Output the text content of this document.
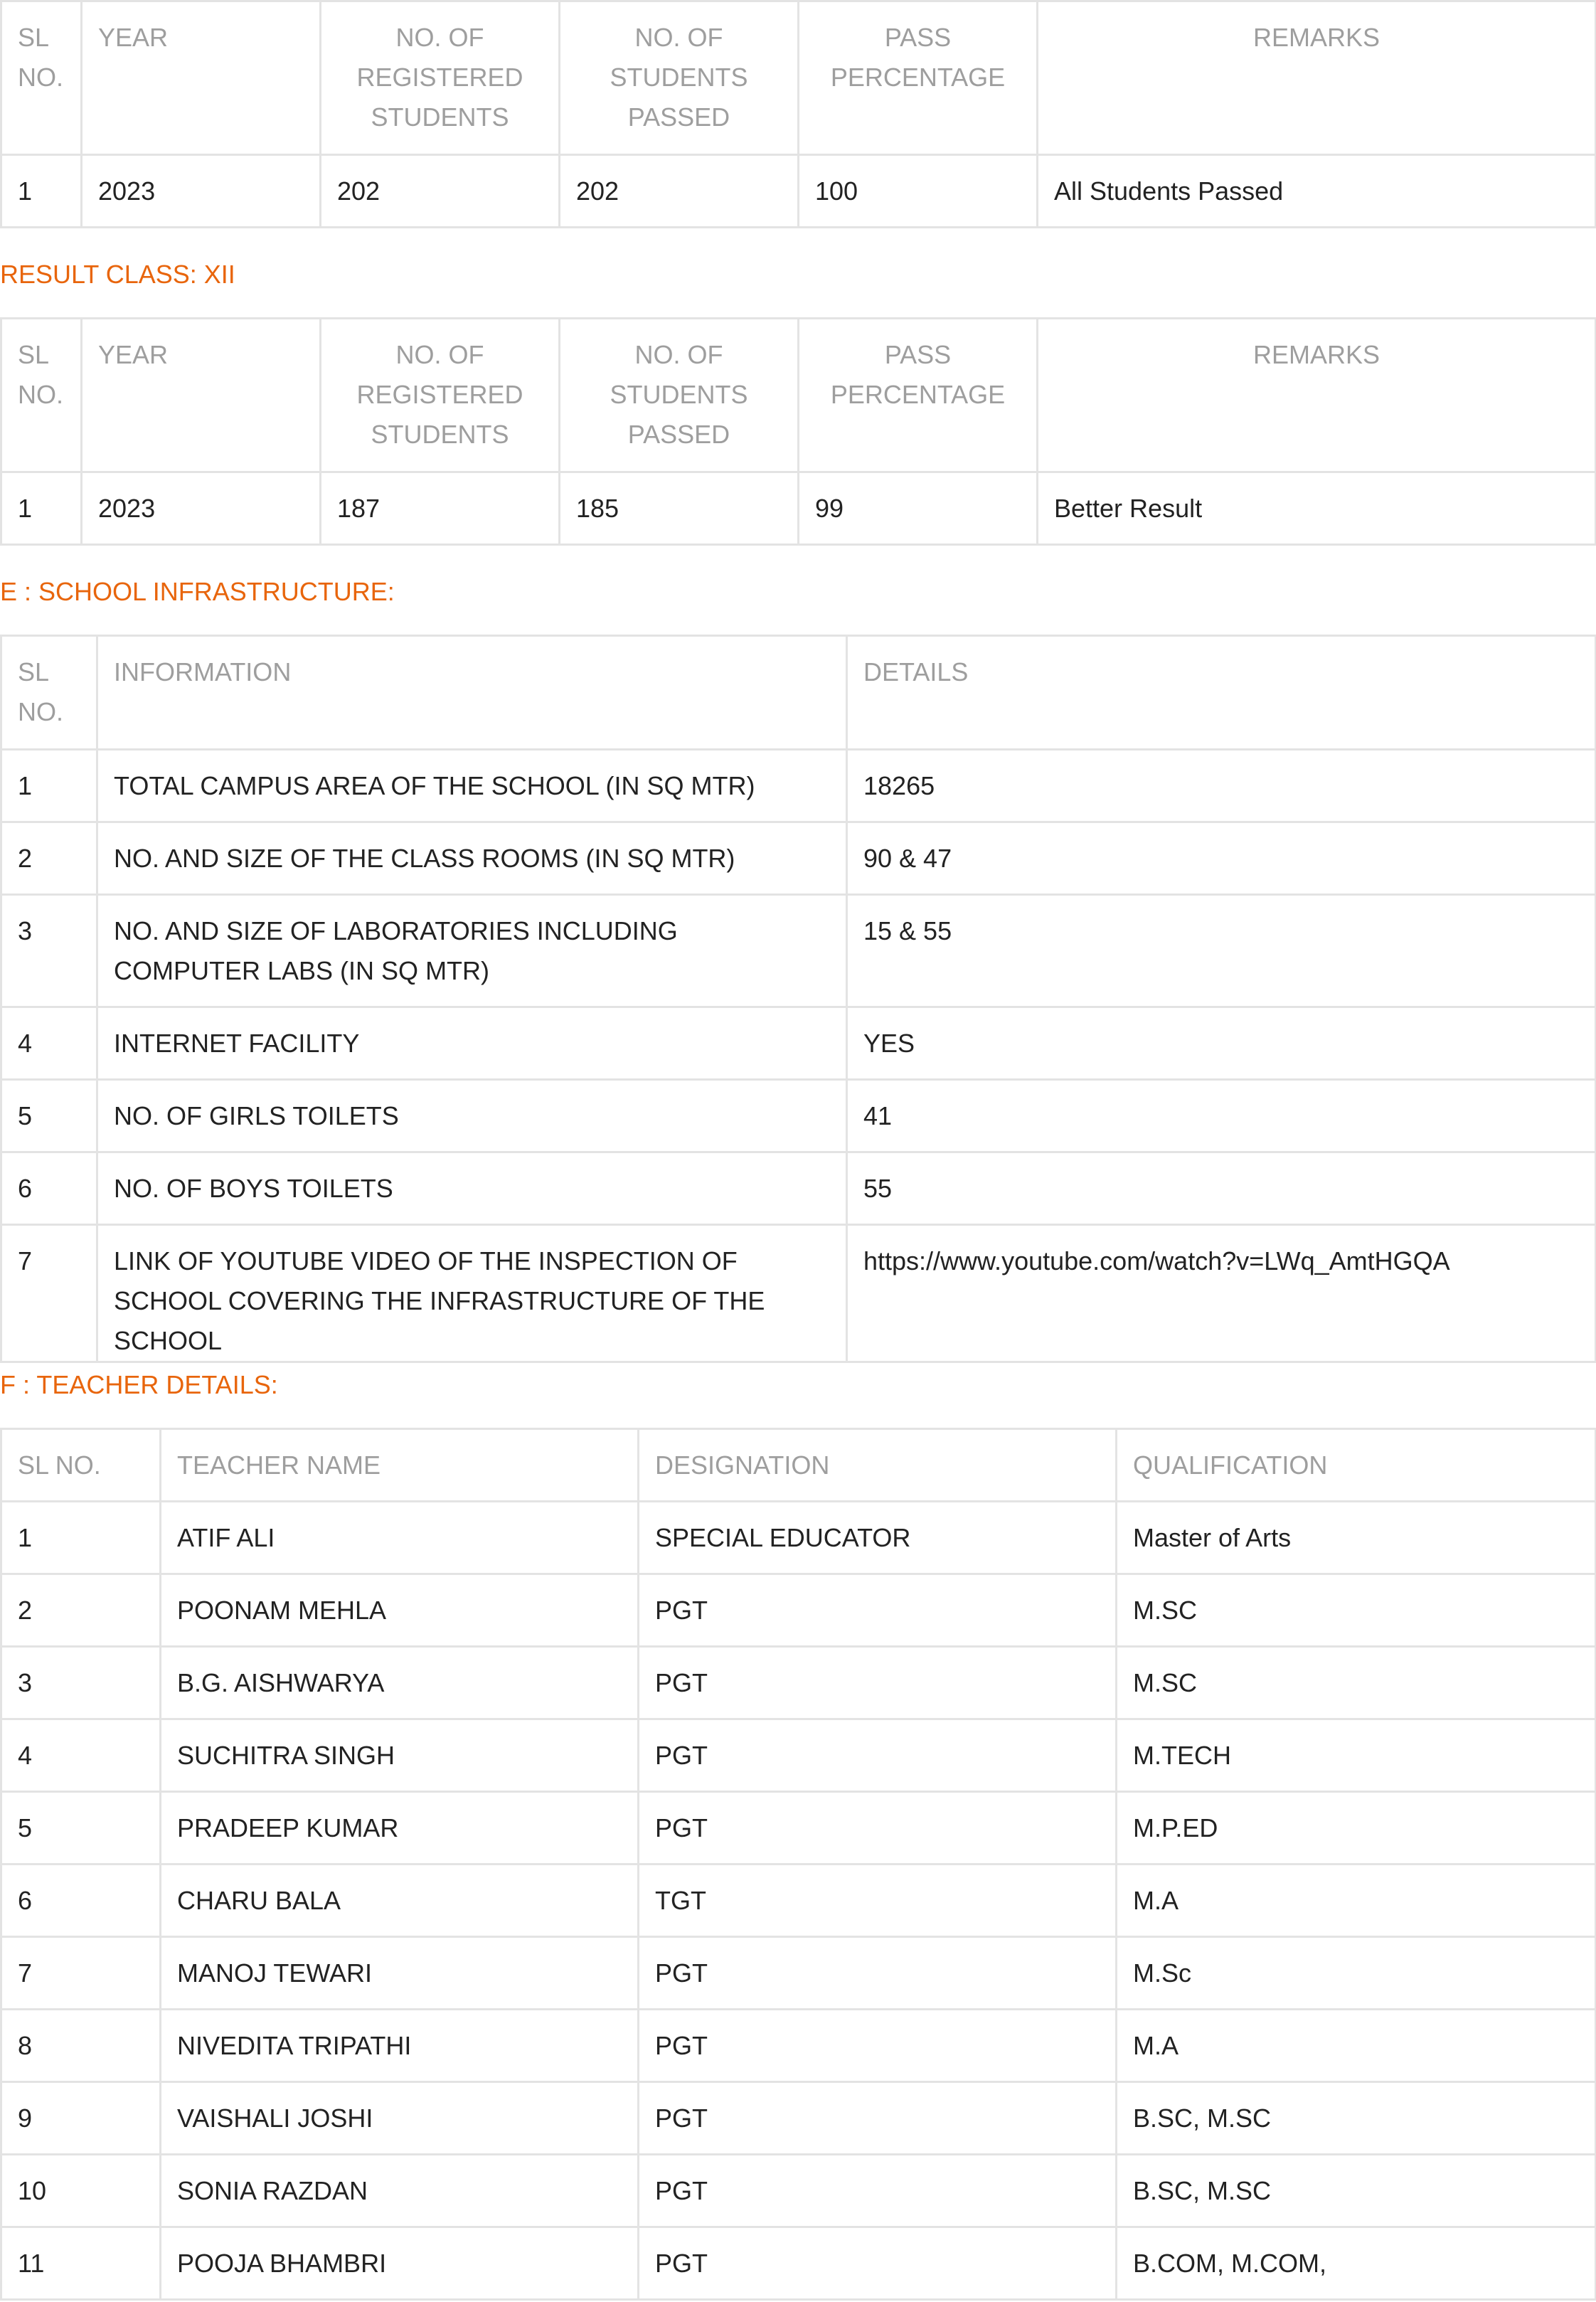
SL NO.	YEAR	NO. OF REGISTERED STUDENTS	NO. OF STUDENTS PASSED	PASS PERCENTAGE	REMARKS
1	2023	202	202	100	All Students Passed
RESULT CLASS: XII
SL NO.	YEAR	NO. OF REGISTERED STUDENTS	NO. OF STUDENTS PASSED	PASS PERCENTAGE	REMARKS
1	2023	187	185	99	Better Result
E : SCHOOL INFRASTRUCTURE:
SL NO.	INFORMATION	DETAILS
1	TOTAL CAMPUS AREA OF THE SCHOOL (IN SQ MTR)	18265
2	NO. AND SIZE OF THE CLASS ROOMS (IN SQ MTR)	90 & 47
3	NO. AND SIZE OF LABORATORIES INCLUDING COMPUTER LABS (IN SQ MTR)	15 & 55
4	INTERNET FACILITY	YES
5	NO. OF GIRLS TOILETS	41
6	NO. OF BOYS TOILETS	55
7	LINK OF YOUTUBE VIDEO OF THE INSPECTION OF SCHOOL COVERING THE INFRASTRUCTURE OF THE SCHOOL	https://www.youtube.com/watch?v=LWq_AmtHGQA
F : TEACHER DETAILS:
SL NO.	TEACHER NAME	DESIGNATION	QUALIFICATION
1	ATIF ALI	SPECIAL EDUCATOR	Master of Arts
2	POONAM MEHLA	PGT	M.SC
3	B.G. AISHWARYA	PGT	M.SC
4	SUCHITRA SINGH	PGT	M.TECH
5	PRADEEP KUMAR	PGT	M.P.ED
6	CHARU BALA	TGT	M.A
7	MANOJ TEWARI	PGT	M.Sc
8	NIVEDITA TRIPATHI	PGT	M.A
9	VAISHALI JOSHI	PGT	B.SC, M.SC
10	SONIA RAZDAN	PGT	B.SC, M.SC
11	POOJA BHAMBRI	PGT	B.COM, M.COM,
